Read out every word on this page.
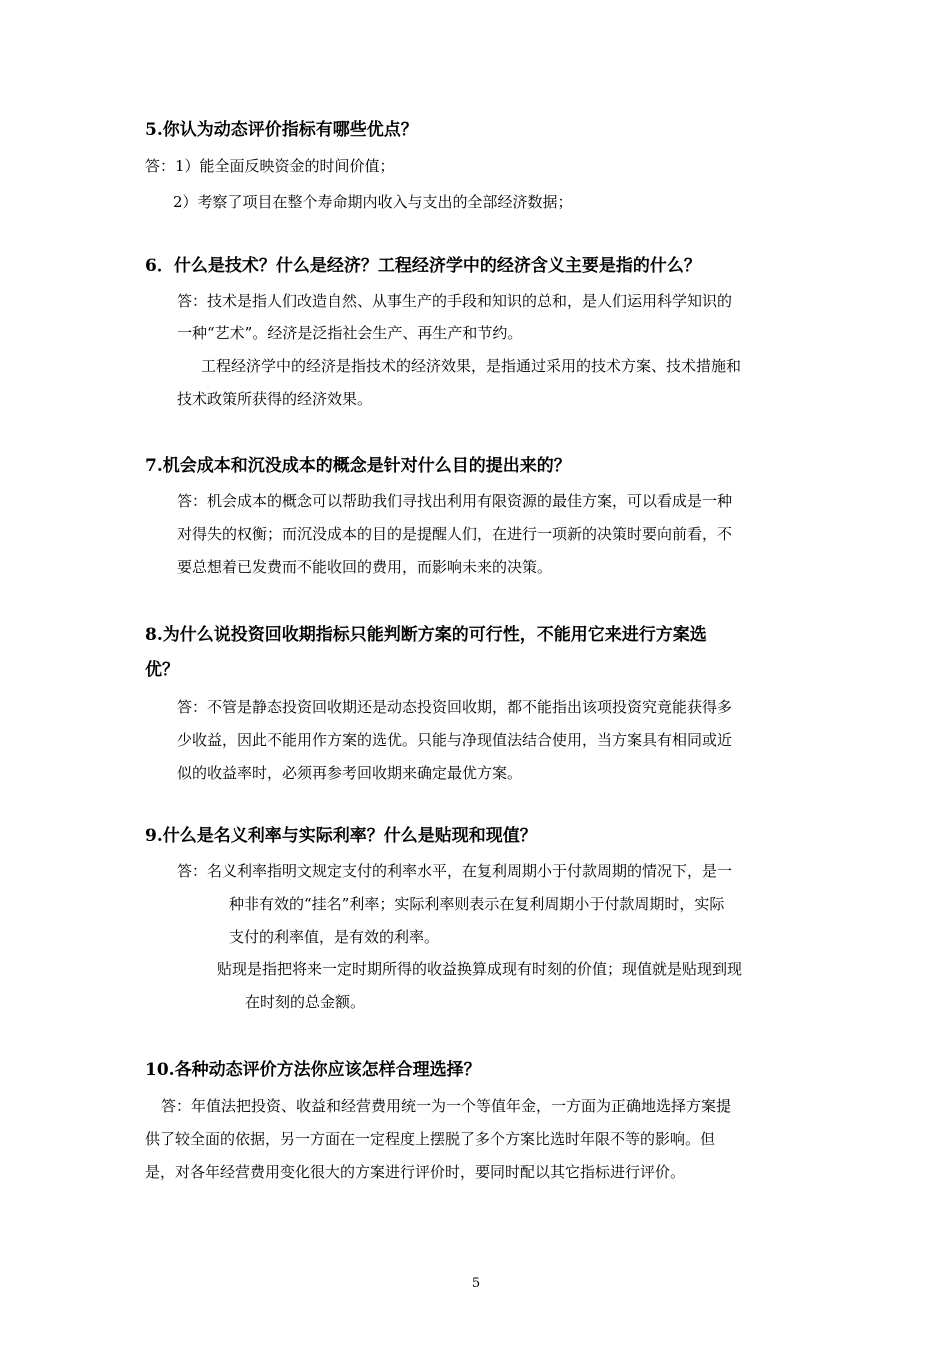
5.你认为动态评价指标有哪些优点？
答：1）能全面反映资金的时间价值；
2）考察了项目在整个寿命期内收入与支出的全部经济数据；
6．什么是技术？什么是经济？工程经济学中的经济含义主要是指的什么？
答：技术是指人们改造自然、从事生产的手段和知识的总和，是人们运用科学知识的
一种“艺术”。经济是泛指社会生产、再生产和节约。
工程经济学中的经济是指技术的经济效果，是指通过采用的技术方案、技术措施和
技术政策所获得的经济效果。
7.机会成本和沉没成本的概念是针对什么目的提出来的？
答：机会成本的概念可以帮助我们寻找出利用有限资源的最佳方案，可以看成是一种
对得失的权衡；而沉没成本的目的是提醒人们，在进行一项新的决策时要向前看，不
要总想着已发费而不能收回的费用，而影响未来的决策。
8.为什么说投资回收期指标只能判断方案的可行性，不能用它来进行方案选
优？
答：不管是静态投资回收期还是动态投资回收期，都不能指出该项投资究竟能获得多
少收益，因此不能用作方案的选优。只能与净现值法结合使用，当方案具有相同或近
似的收益率时，必须再参考回收期来确定最优方案。
9.什么是名义利率与实际利率？什么是贴现和现值？
答：名义利率指明文规定支付的利率水平，在复利周期小于付款周期的情况下，是一
种非有效的“挂名”利率；实际利率则表示在复利周期小于付款周期时，实际
支付的利率值，是有效的利率。
贴现是指把将来一定时期所得的收益换算成现有时刻的价值；现值就是贴现到现
在时刻的总金额。
10.各种动态评价方法你应该怎样合理选择？
答：年值法把投资、收益和经营费用统一为一个等值年金，一方面为正确地选择方案提
供了较全面的依据，另一方面在一定程度上摆脱了多个方案比选时年限不等的影响。但
是，对各年经营费用变化很大的方案进行评价时，要同时配以其它指标进行评价。
5
